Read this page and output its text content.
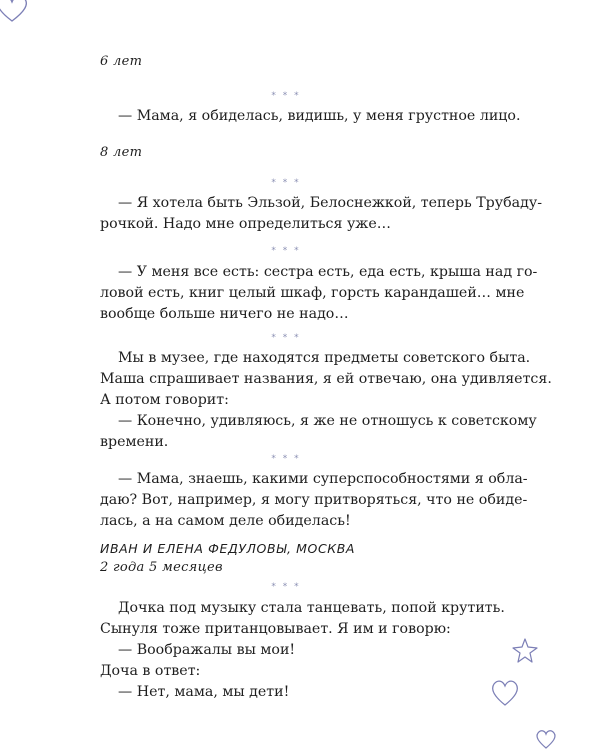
6 лет
* * *
— Мама, я обиделась, видишь, у меня грустное лицо.
8 лет
* * *
— Я хотела быть Эльзой, Белоснежкой, теперь Трубаду-
рочкой. Надо мне определиться уже…
* * *
— У меня все есть: сестра есть, еда есть, крыша над го-
ловой есть, книг целый шкаф, горсть карандашей… мне
вообще больше ничего не надо…
* * *
Мы в музее, где находятся предметы советского быта.
Маша спрашивает названия, я ей отвечаю, она удивляется.
А потом говорит:
— Конечно, удивляюсь, я же не отношусь к советскому
времени.
* * *
— Мама, знаешь, какими суперспособностями я обла-
даю? Вот, например, я могу притворяться, что не обиде-
лась, а на самом деле обиделась!
ИВАН И ЕЛЕНА ФЕДУЛОВЫ, МОСКВА
2 года 5 месяцев
* * *
Дочка под музыку стала танцевать, попой крутить.
Сынуля тоже пританцовывает. Я им и говорю:
— Воображалы вы мои!
Доча в ответ:
— Нет, мама, мы дети!
